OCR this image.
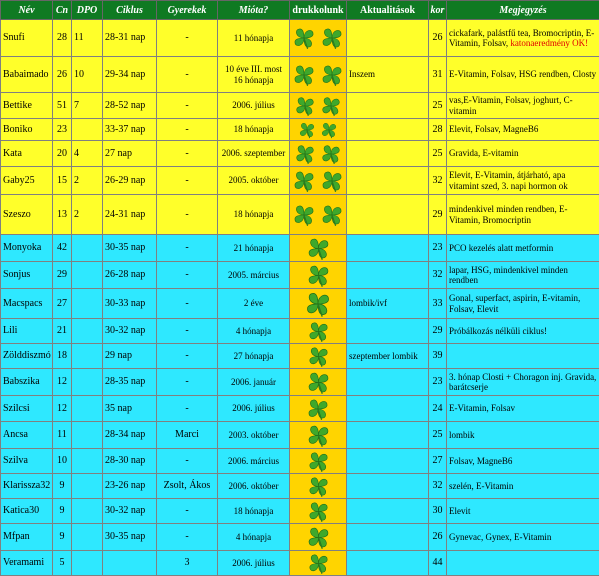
Név	Cn	DPO	Ciklus	Gyerekek	Mióta?	drukkolunk	Aktualitások	kor	Megjegyzés
Snufi	28	11	28-31 nap	-	11 hónapja			26	cickafark, palástfű tea, Bromocriptin, E-Vitamin, Folsav, katonaeredmény OK!
Babaimado	26	10	29-34 nap	-	10 éve III. most 16 hónapja		Inszem	31	E-Vitamin, Folsav, HSG rendben, Closty
Bettike	51	7	28-52 nap	-	2006. július			25	vas,E-Vitamin, Folsav, joghurt, C-vitamin
Boniko	23		33-37 nap	-	18 hónapja			28	Elevit, Folsav, MagneB6
Kata	20	4	27 nap	-	2006. szeptember			25	Gravida, E-vitamin
Gaby25	15	2	26-29 nap	-	2005. október			32	Elevit, E-Vitamin, átjárható, apa vitamint szed, 3. napi hormon ok
Szeszo	13	2	24-31 nap	-	18 hónapja			29	mindenkivel minden rendben, E-Vitamin, Bromocriptin
Monyoka	42		30-35 nap	-	21 hónapja			23	PCO kezelés alatt metformin
Sonjus	29		26-28 nap	-	2005. március			32	lapar, HSG, mindenkivel minden rendben
Macspacs	27		30-33 nap	-	2 éve		lombik/ivf	33	Gonal, superfact, aspirin, E-vitamin, Folsav, Elevit
Lili	21		30-32 nap	-	4 hónapja			29	Próbálkozás nélküli ciklus!
Zölddiszmó	18		29 nap	-	27 hónapja		szeptember lombik	39	
Babszika	12		28-35 nap	-	2006. január			23	3. hónap Closti + Choragon inj. Gravida, barátcserje
Szilcsi	12		35 nap	-	2006. július			24	E-Vitamin, Folsav
Ancsa	11		28-34 nap	Marci	2003. október			25	lombik
Szilva	10		28-30 nap	-	2006. március			27	Folsav, MagneB6
Klarissza32	9		23-26 nap	Zsolt, Ákos	2006. október			32	szelén, E-Vitamin
Katica30	9		30-32 nap	-	18 hónapja			30	Elevit
Mfpan	9		30-35 nap	-	4 hónapja			26	Gynevac, Gynex, E-Vitamin
Veramami	5			3	2006. július			44	
